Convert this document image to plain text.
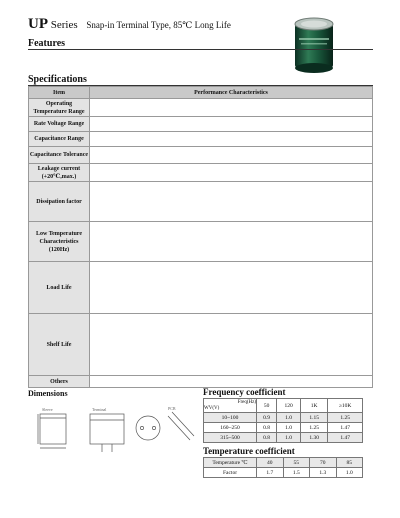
UP Series Snap-in Terminal Type, 85℃ Long Life
Features
Specifications
Item	Performance Characteristics
Operating Temperature Range	
Rate Voltage Range	
Capacitance Range	
Capacitance Tolerance	
Leakage current (+20℃,max.)	
Dissipation factor	
Low Temperature Characteristics (120Hz)	
Load Life	
Shelf Life	
Others	
Dimensions
Sleeve	Terminal	PCB
Frequency coefficient
Freq(Hz)
WV(V)	50	120	1K	≥10K
10~100	0.9	1.0	1.15	1.25
160~250	0.8	1.0	1.25	1.47
315~500	0.8	1.0	1.30	1.47
Temperature coefficient
Temperature ℃	40	55	70	85
Factor	1.7	1.5	1.3	1.0
